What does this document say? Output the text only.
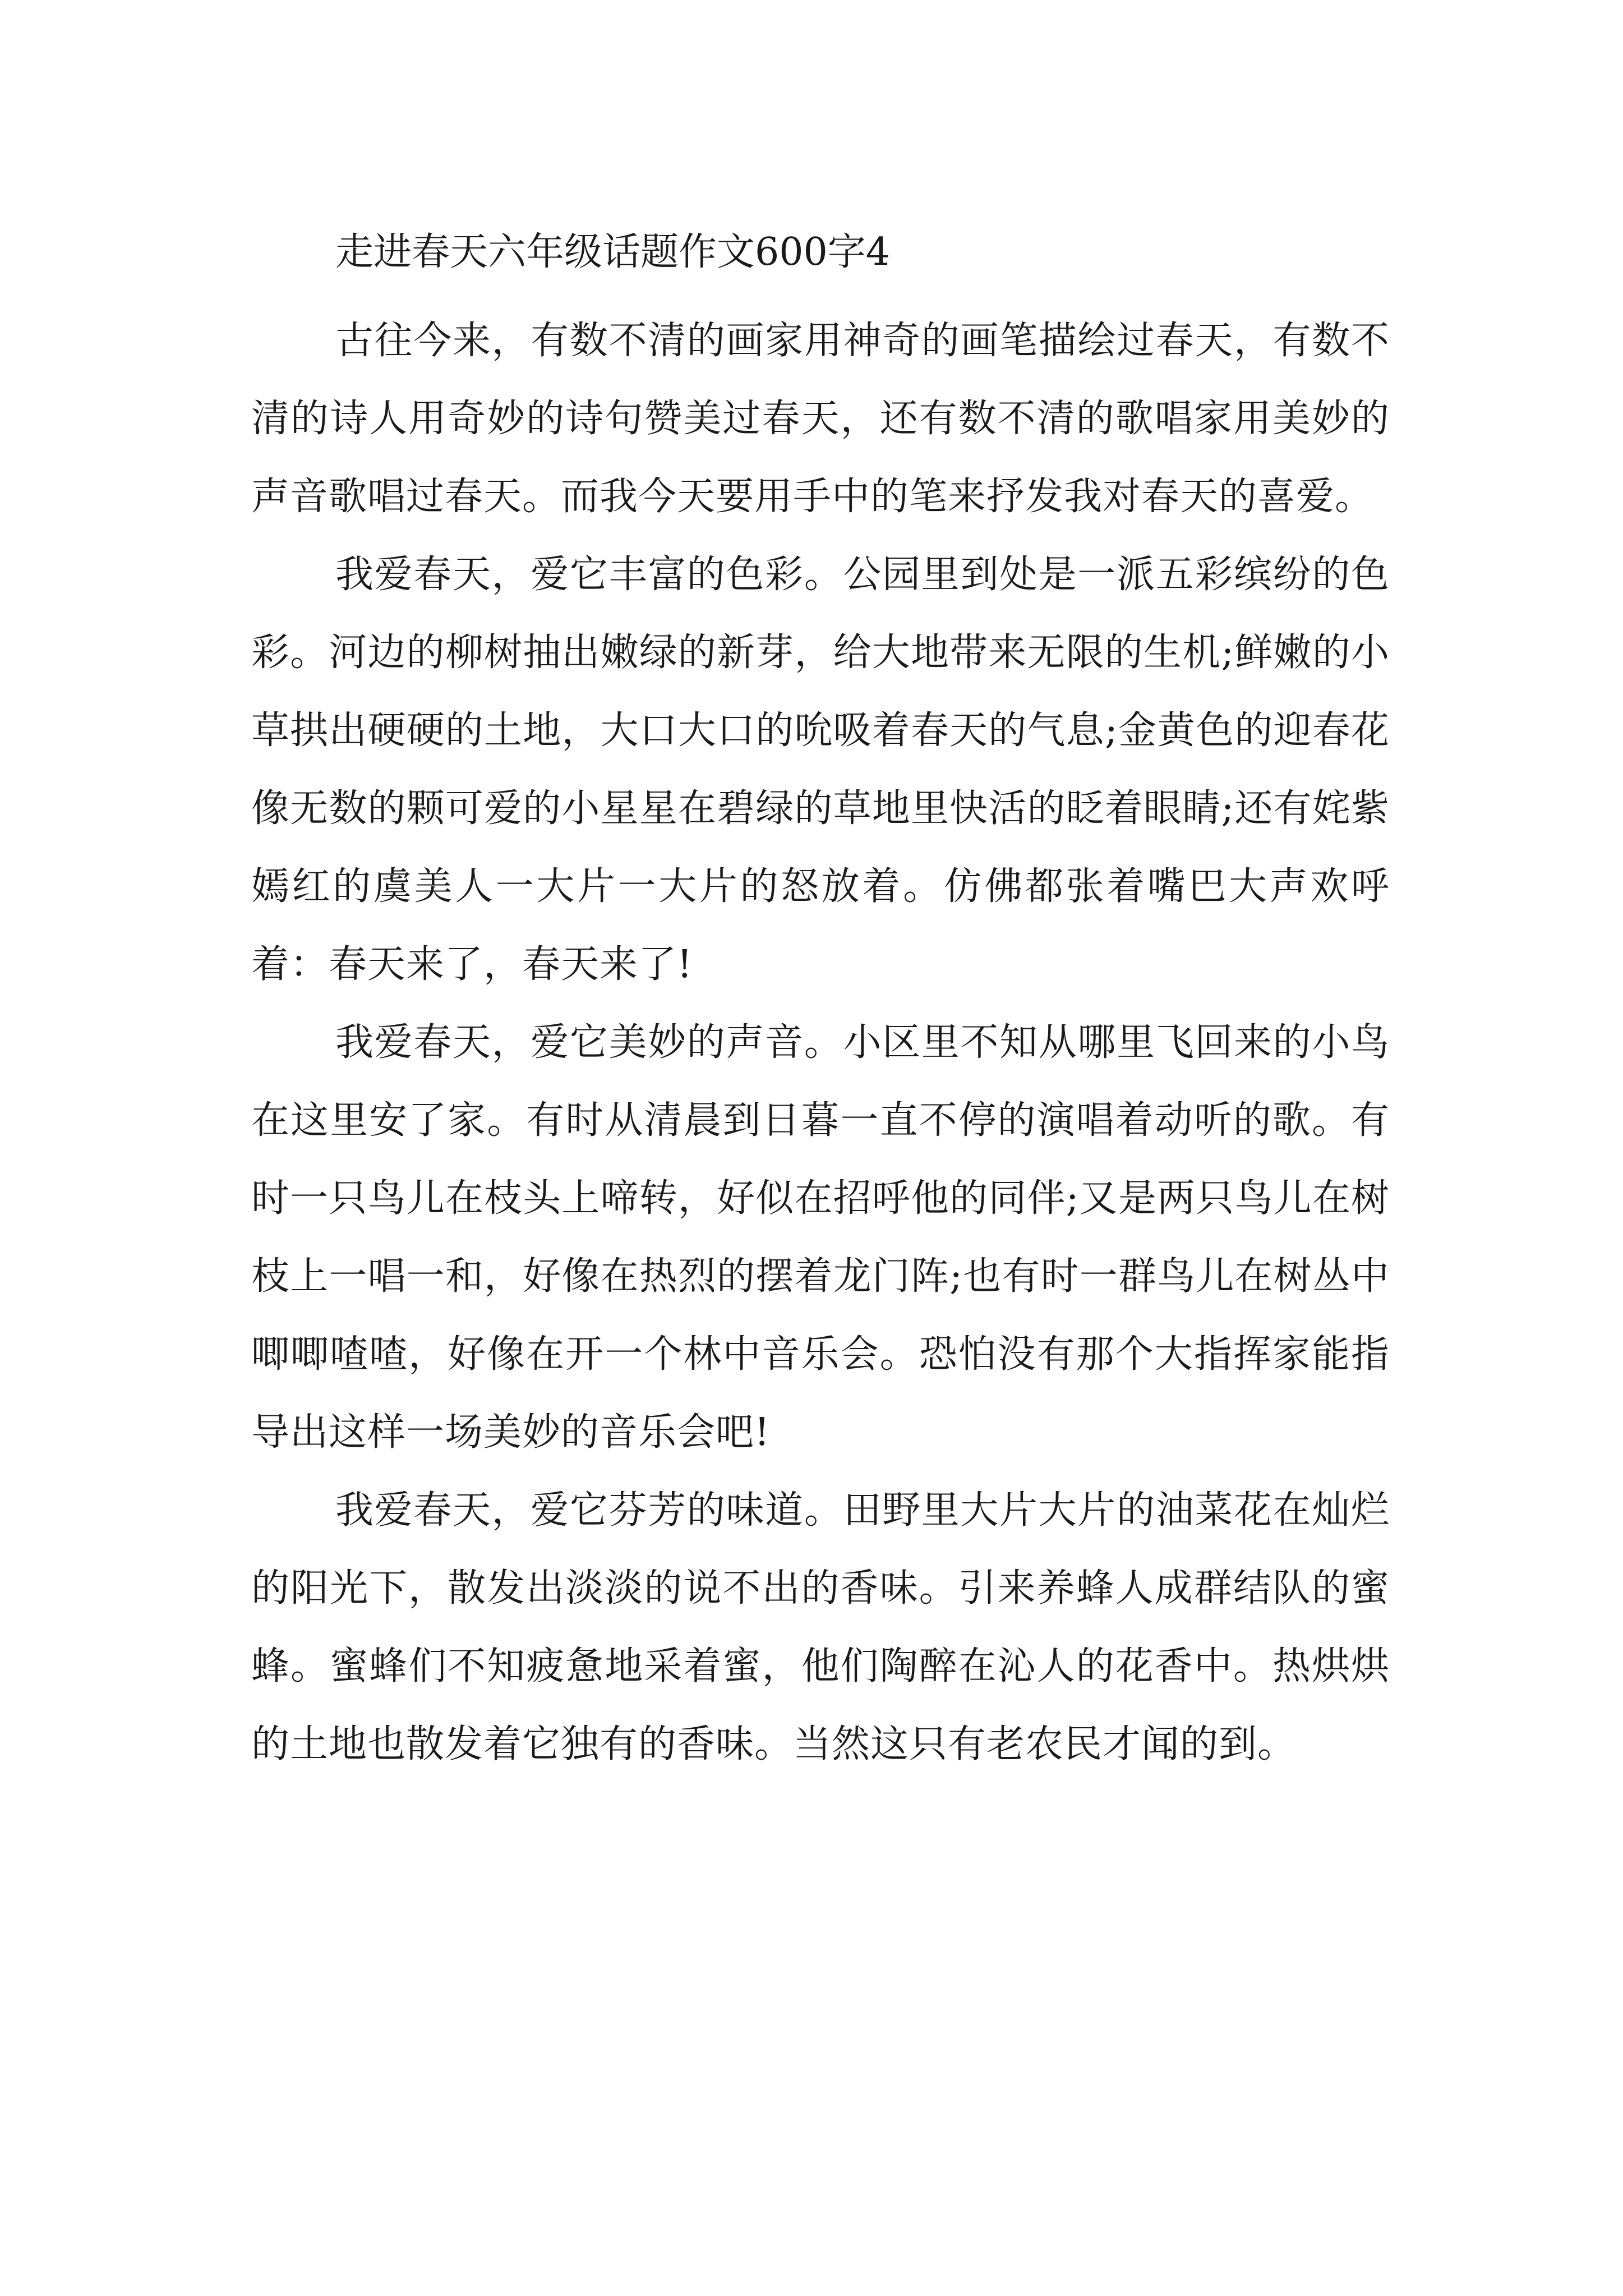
走进春天六年级话题作文600字4

古往今来，有数不清的画家用神奇的画笔描绘过春天，有数不清的诗人用奇妙的诗句赞美过春天，还有数不清的歌唱家用美妙的声音歌唱过春天。而我今天要用手中的笔来抒发我对春天的喜爱。

我爱春天，爱它丰富的色彩。公园里到处是一派五彩缤纷的色彩。河边的柳树抽出嫩绿的新芽，给大地带来无限的生机;鲜嫩的小草拱出硬硬的土地，大口大口的吮吸着春天的气息;金黄色的迎春花像无数的颗可爱的小星星在碧绿的草地里快活的眨着眼睛;还有姹紫嫣红的虞美人一大片一大片的怒放着。仿佛都张着嘴巴大声欢呼着：春天来了，春天来了!

我爱春天，爱它美妙的声音。小区里不知从哪里飞回来的小鸟在这里安了家。有时从清晨到日暮一直不停的演唱着动听的歌。有时一只鸟儿在枝头上啼转，好似在招呼他的同伴;又是两只鸟儿在树枝上一唱一和，好像在热烈的摆着龙门阵;也有时一群鸟儿在树丛中唧唧喳喳，好像在开一个林中音乐会。恐怕没有那个大指挥家能指导出这样一场美妙的音乐会吧!

我爱春天，爱它芬芳的味道。田野里大片大片的油菜花在灿烂的阳光下，散发出淡淡的说不出的香味。引来养蜂人成群结队的蜜蜂。蜜蜂们不知疲惫地采着蜜，他们陶醉在沁人的花香中。热烘烘的土地也散发着它独有的香味。当然这只有老农民才闻的到。
